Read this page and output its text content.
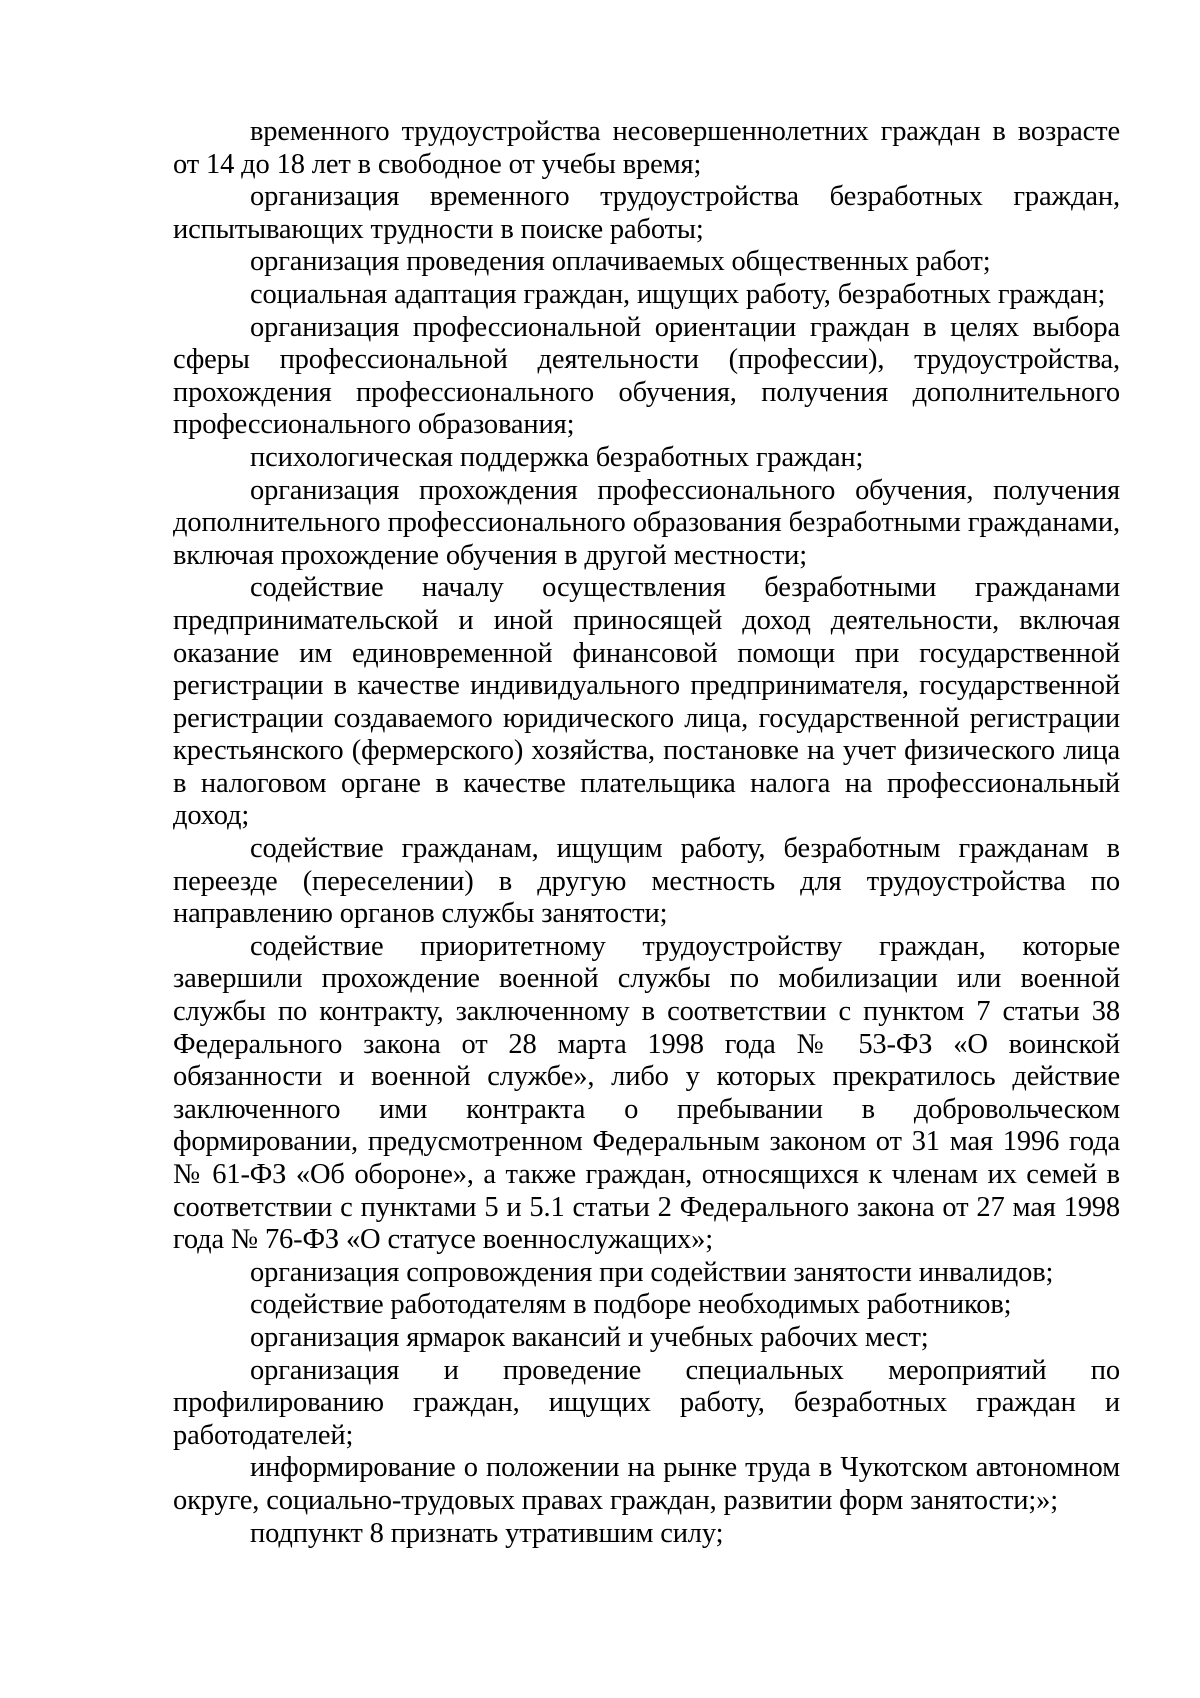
временного трудоустройства несовершеннолетних граждан в возрасте от 14 до 18 лет в свободное от учебы время;

организация временного трудоустройства безработных граждан, испытывающих трудности в поиске работы;

организация проведения оплачиваемых общественных работ;

социальная адаптация граждан, ищущих работу, безработных граждан;

организация профессиональной ориентации граждан в целях выбора сферы профессиональной деятельности (профессии), трудоустройства, прохождения профессионального обучения, получения дополнительного профессионального образования;

психологическая поддержка безработных граждан;

организация прохождения профессионального обучения, получения дополнительного профессионального образования безработными гражданами, включая прохождение обучения в другой местности;

содействие началу осуществления безработными гражданами предпринимательской и иной приносящей доход деятельности, включая оказание им единовременной финансовой помощи при государственной регистрации в качестве индивидуального предпринимателя, государственной регистрации создаваемого юридического лица, государственной регистрации крестьянского (фермерского) хозяйства, постановке на учет физического лица в налоговом органе в качестве плательщика налога на профессиональный доход;

содействие гражданам, ищущим работу, безработным гражданам в переезде (переселении) в другую местность для трудоустройства по направлению органов службы занятости;

содействие приоритетному трудоустройству граждан, которые завершили прохождение военной службы по мобилизации или военной службы по контракту, заключенному в соответствии с пунктом 7 статьи 38 Федерального закона от 28 марта 1998 года № 53-ФЗ «О воинской обязанности и военной службе», либо у которых прекратилось действие заключенного ими контракта о пребывании в добровольческом формировании, предусмотренном Федеральным законом от 31 мая 1996 года № 61-ФЗ «Об обороне», а также граждан, относящихся к членам их семей в соответствии с пунктами 5 и 5.1 статьи 2 Федерального закона от 27 мая 1998 года № 76-ФЗ «О статусе военнослужащих»;

организация сопровождения при содействии занятости инвалидов;

содействие работодателям в подборе необходимых работников;

организация ярмарок вакансий и учебных рабочих мест;

организация и проведение специальных мероприятий по профилированию граждан, ищущих работу, безработных граждан и работодателей;

информирование о положении на рынке труда в Чукотском автономном округе, социально-трудовых правах граждан, развитии форм занятости;»;

подпункт 8 признать утратившим силу;
